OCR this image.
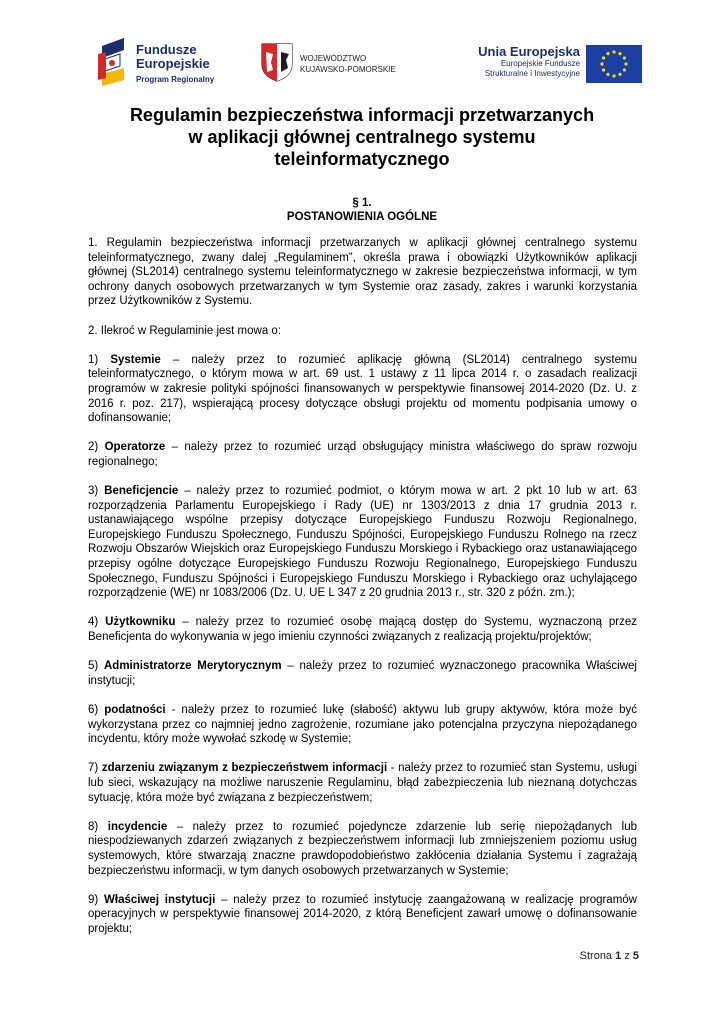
Fundusze
Europejskie
Program Regionalny
WOJEWÓDZTWO
KUJAWSKO-POMORSKIE
Unia Europejska
Europejskie Fundusze
Strukturalne i Inwestycyjne
Regulamin bezpieczeństwa informacji przetwarzanych
w aplikacji głównej centralnego systemu
teleinformatycznego
§ 1.
POSTANOWIENIA OGÓLNE

1. Regulamin bezpieczeństwa informacji przetwarzanych w aplikacji głównej centralnego systemu teleinformatycznego, zwany dalej „Regulaminem”, określa prawa i obowiązki Użytkowników aplikacji głównej (SL2014) centralnego systemu teleinformatycznego w zakresie bezpieczeństwa informacji, w tym ochrony danych osobowych przetwarzanych w tym Systemie oraz zasady, zakres i warunki korzystania przez Użytkowników z Systemu.

2. Ilekroć w Regulaminie jest mowa o:

1) Systemie – należy przez to rozumieć aplikację główną (SL2014) centralnego systemu teleinformatycznego, o którym mowa w art. 69 ust. 1 ustawy z 11 lipca 2014 r. o zasadach realizacji programów w zakresie polityki spójności finansowanych w perspektywie finansowej 2014-2020 (Dz. U. z 2016 r. poz. 217), wspierającą procesy dotyczące obsługi projektu od momentu podpisania umowy o dofinansowanie;

2) Operatorze – należy przez to rozumieć urząd obsługujący ministra właściwego do spraw rozwoju regionalnego;

3) Beneficjencie – należy przez to rozumieć podmiot, o którym mowa w art. 2 pkt 10 lub w art. 63 rozporządzenia Parlamentu Europejskiego i Rady (UE) nr 1303/2013 z dnia 17 grudnia 2013 r. ustanawiającego wspólne przepisy dotyczące Europejskiego Funduszu Rozwoju Regionalnego, Europejskiego Funduszu Społecznego, Funduszu Spójności, Europejskiego Funduszu Rolnego na rzecz Rozwoju Obszarów Wiejskich oraz Europejskiego Funduszu Morskiego i Rybackiego oraz ustanawiającego przepisy ogólne dotyczące Europejskiego Funduszu Rozwoju Regionalnego, Europejskiego Funduszu Społecznego, Funduszu Spójności i Europejskiego Funduszu Morskiego i Rybackiego oraz uchylającego rozporządzenie (WE) nr 1083/2006 (Dz. U. UE L 347 z 20 grudnia 2013 r., str. 320 z późn. zm.);

4) Użytkowniku – należy przez to rozumieć osobę mającą dostęp do Systemu, wyznaczoną przez Beneficjenta do wykonywania w jego imieniu czynności związanych z realizacją projektu/projektów;

5) Administratorze Merytorycznym – należy przez to rozumieć wyznaczonego pracownika Właściwej instytucji;

6) podatności - należy przez to rozumieć lukę (słabość) aktywu lub grupy aktywów, która może być wykorzystana przez co najmniej jedno zagrożenie, rozumiane jako potencjalna przyczyna niepożądanego incydentu, który może wywołać szkodę w Systemie;

7) zdarzeniu związanym z bezpieczeństwem informacji - należy przez to rozumieć stan Systemu, usługi lub sieci, wskazujący na możliwe naruszenie Regulaminu, błąd zabezpieczenia lub nieznaną dotychczas sytuację, która może być związana z bezpieczeństwem;

8) incydencie – należy przez to rozumieć pojedyncze zdarzenie lub serię niepożądanych lub niespodziewanych zdarzeń związanych z bezpieczeństwem informacji lub zmniejszeniem poziomu usług systemowych, które stwarzają znaczne prawdopodobieństwo zakłócenia działania Systemu i zagrażają bezpieczeństwu informacji, w tym danych osobowych przetwarzanych w Systemie;

9) Właściwej instytucji – należy przez to rozumieć instytucję zaangażowaną w realizację programów operacyjnych w perspektywie finansowej 2014-2020, z którą Beneficjent zawarł umowę o dofinansowanie projektu;

Strona 1 z 5
